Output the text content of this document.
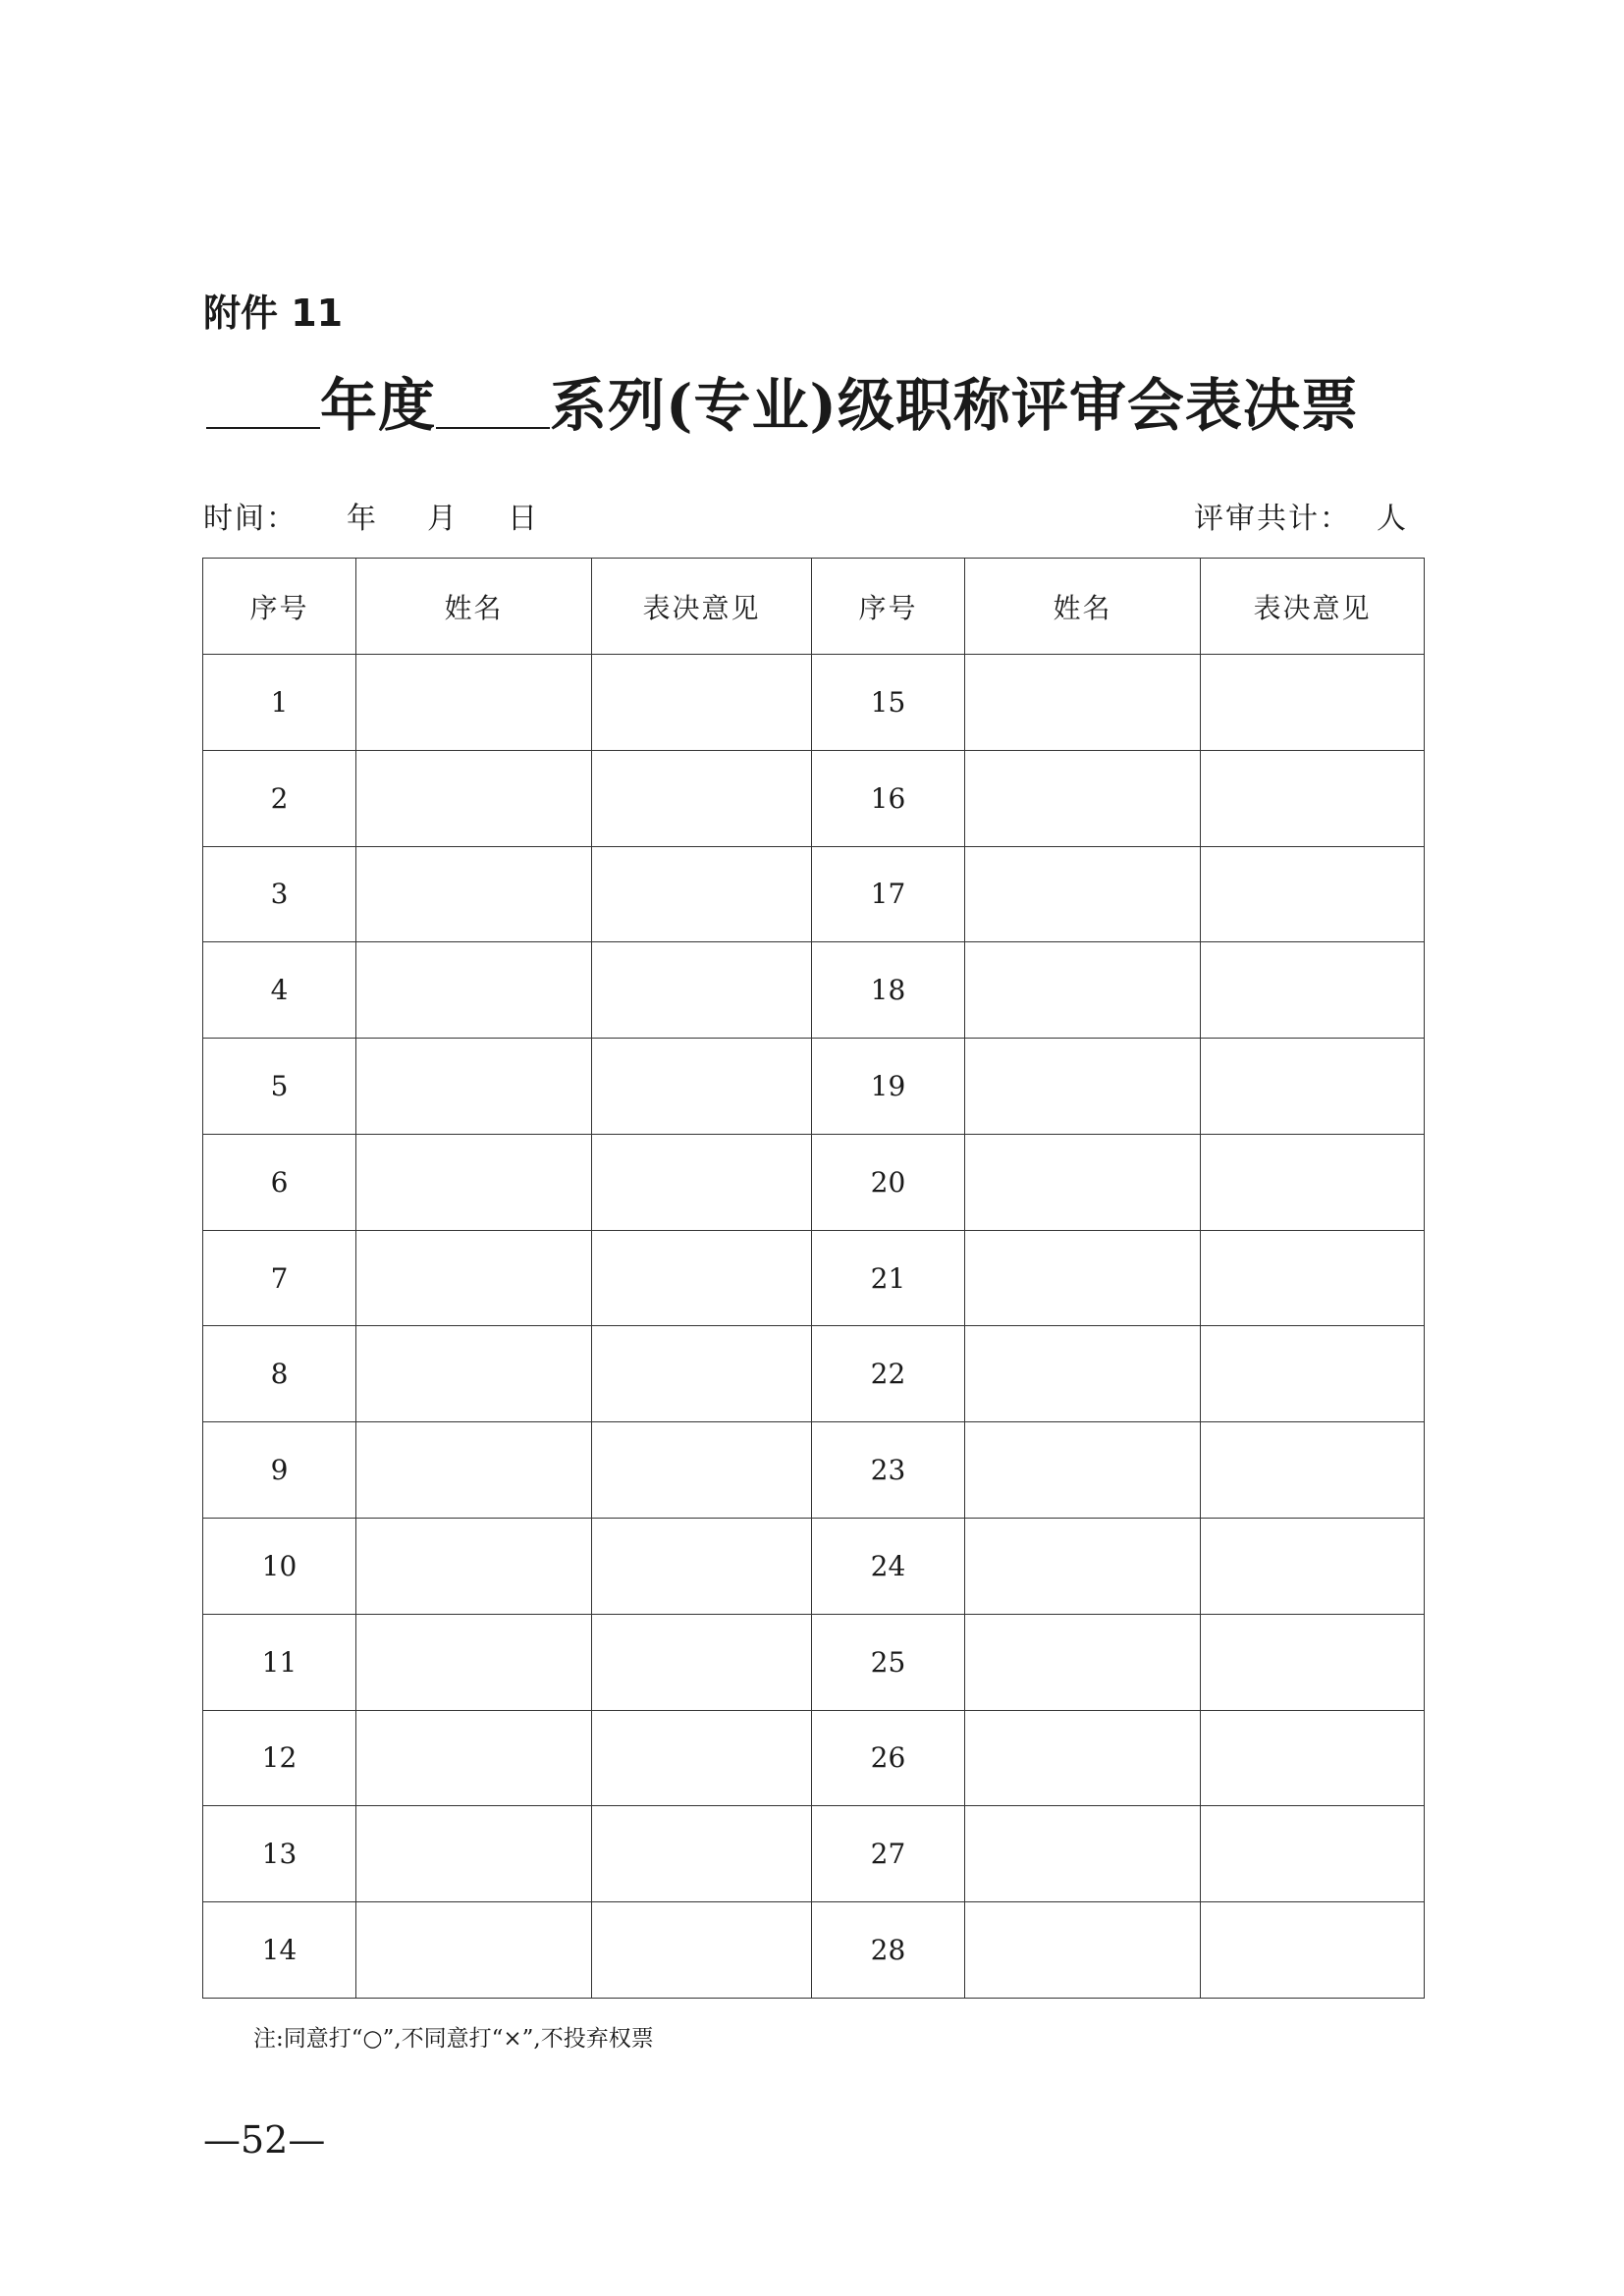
附件 11
年度 系列(专业)级职称评审会表决票
时间： 年 月 日	评审共计： 人
序号	姓名	表决意见	序号	姓名	表决意见
1			15		
2			16		
3			17		
4			18		
5			19		
6			20		
7			21		
8			22		
9			23		
10			24		
11			25		
12			26		
13			27		
14			28		
注:同意打“○”,不同意打“×”,不投弃权票
—52—
